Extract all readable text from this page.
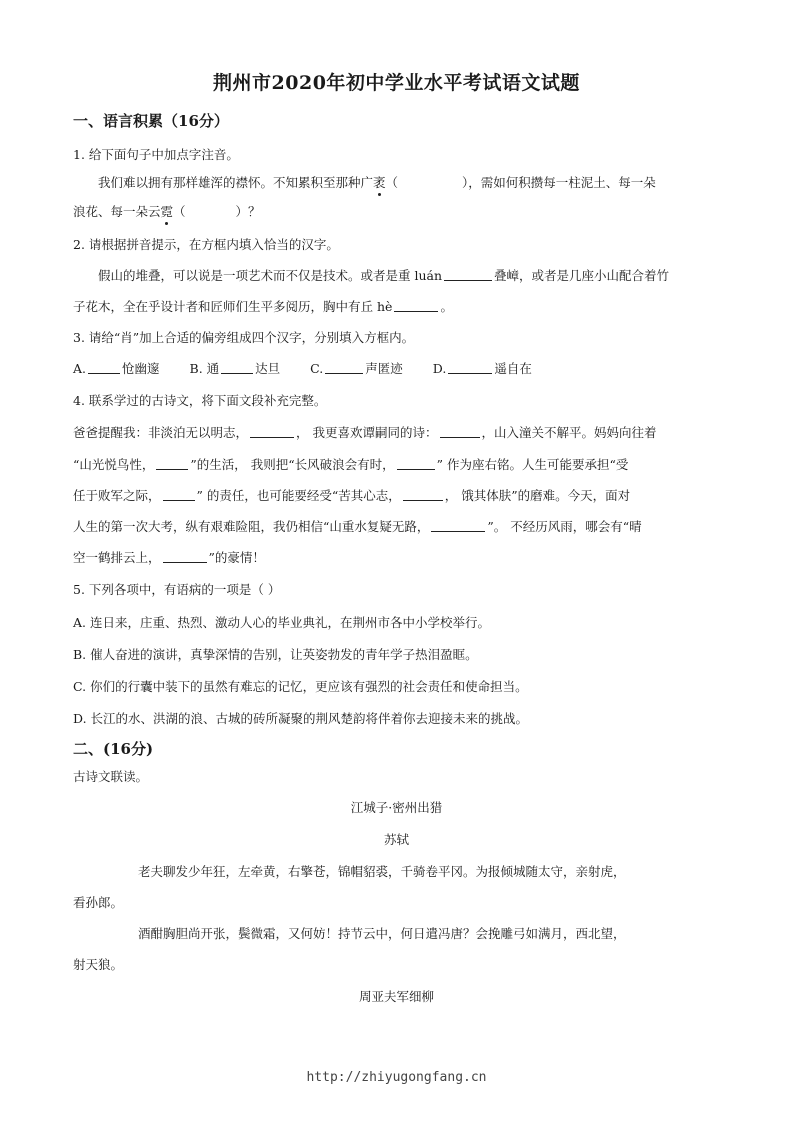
荆州市2020年初中学业水平考试语文试题
一、语言积累（16分）
1. 给下面句子中加点字注音。
我们难以拥有那样雄浑的襟怀。不知累积至那种广袤（	），需如何积攒每一柱泥土、每一朵
浪花、每一朵云霓（	）？
2. 请根据拼音提示，在方框内填入恰当的汉字。
假山的堆叠，可以说是一项艺术而不仅是技术。或者是重 luán	叠嶂，或者是几座小山配合着竹
子花木，全在乎设计者和匠师们生平多阅历，胸中有丘 hè	。
3. 请给“肖”加上合适的偏旁组成四个汉字，分别填入方框内。
A.	怆幽邃 B. 通	达旦 C.	声匿迹 D.	遥自在
4. 联系学过的古诗文，将下面文段补充完整。
爸爸提醒我：非淡泊无以明志，	， 我更喜欢谭嗣同的诗：	，山入潼关不解平。妈妈向往着
“山光悦鸟性，	”的生活， 我则把“长风破浪会有时，	” 作为座右铭。人生可能要承担“受
任于败军之际，	” 的责任，也可能要经受“苦其心志，	， 饿其体肤”的磨难。今天，面对
人生的第一次大考，纵有艰难险阻，我仍相信“山重水复疑无路，	”。 不经历风雨，哪会有“晴
空一鹤排云上，	”的豪情！
5. 下列各项中，有语病的一项是（ ）
A. 连日来，庄重、热烈、激动人心的毕业典礼，在荆州市各中小学校举行。
B. 催人奋进的演讲，真挚深情的告别，让英姿勃发的青年学子热泪盈眶。
C. 你们的行囊中装下的虽然有难忘的记忆，更应该有强烈的社会责任和使命担当。
D. 长江的水、洪湖的浪、古城的砖所凝聚的荆风楚韵将伴着你去迎接未来的挑战。
二、(16分)
古诗文联读。
江城子·密州出猎
苏轼
老夫聊发少年狂，左牵黄，右擎苍，锦帽貂裘，千骑卷平冈。为报倾城随太守，亲射虎，
看孙郎。
酒酣胸胆尚开张，鬓微霜，又何妨！持节云中，何日遣冯唐？会挽雕弓如满月，西北望，
射天狼。
周亚夫军细柳
http://zhiyugongfang.cn
